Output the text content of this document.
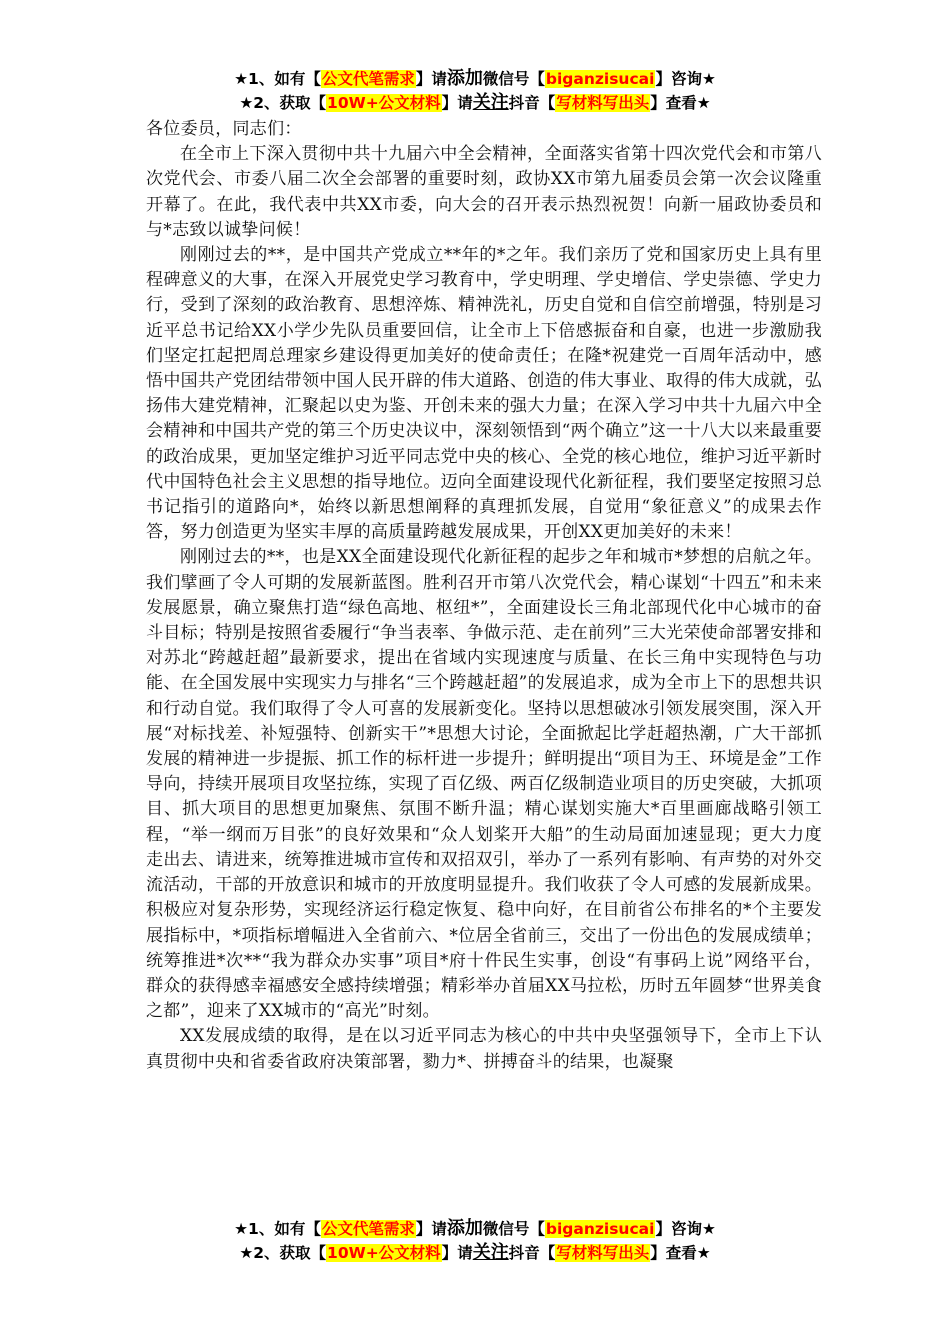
★1、如有【公文代笔需求】请添加微信号【biganzisucai】咨询★
★2、获取【10W+公文材料】请关注抖音【写材料写出头】查看★

各位委员，同志们：

在全市上下深入贯彻中共十九届六中全会精神，全面落实省第十四次党代会和市第八次党代会、市委八届二次全会部署的重要时刻，政协XX市第九届委员会第一次会议隆重开幕了。在此，我代表中共XX市委，向大会的召开表示热烈祝贺！向新一届政协委员和与*志致以诚挚问候！

刚刚过去的**，是中国共产党成立**年的*之年。我们亲历了党和国家历史上具有里程碑意义的大事，在深入开展党史学习教育中，学史明理、学史增信、学史崇德、学史力行，受到了深刻的政治教育、思想淬炼、精神洗礼，历史自觉和自信空前增强，特别是习近平总书记给XX小学少先队员重要回信，让全市上下倍感振奋和自豪，也进一步激励我们坚定扛起把周总理家乡建设得更加美好的使命责任；在隆*祝建党一百周年活动中，感悟中国共产党团结带领中国人民开辟的伟大道路、创造的伟大事业、取得的伟大成就，弘扬伟大建党精神，汇聚起以史为鉴、开创未来的强大力量；在深入学习中共十九届六中全会精神和中国共产党的第三个历史决议中，深刻领悟到“两个确立”这一十八大以来最重要的政治成果，更加坚定维护习近平同志党中央的核心、全党的核心地位，维护习近平新时代中国特色社会主义思想的指导地位。迈向全面建设现代化新征程，我们要坚定按照习总书记指引的道路向*，始终以新思想阐释的真理抓发展，自觉用“象征意义”的成果去作答，努力创造更为坚实丰厚的高质量跨越发展成果，开创XX更加美好的未来！

刚刚过去的**，也是XX全面建设现代化新征程的起步之年和城市*梦想的启航之年。我们擘画了令人可期的发展新蓝图。胜利召开市第八次党代会，精心谋划“十四五”和未来发展愿景，确立聚焦打造“绿色高地、枢纽*”，全面建设长三角北部现代化中心城市的奋斗目标；特别是按照省委履行“争当表率、争做示范、走在前列”三大光荣使命部署安排和对苏北“跨越赶超”最新要求，提出在省域内实现速度与质量、在长三角中实现特色与功能、在全国发展中实现实力与排名“三个跨越赶超”的发展追求，成为全市上下的思想共识和行动自觉。我们取得了令人可喜的发展新变化。坚持以思想破冰引领发展突围，深入开展“对标找差、补短强特、创新实干”*思想大讨论，全面掀起比学赶超热潮，广大干部抓发展的精神进一步提振、抓工作的标杆进一步提升；鲜明提出“项目为王、环境是金”工作导向，持续开展项目攻坚拉练，实现了百亿级、两百亿级制造业项目的历史突破，大抓项目、抓大项目的思想更加聚焦、氛围不断升温；精心谋划实施大*百里画廊战略引领工程，“举一纲而万目张”的良好效果和“众人划桨开大船”的生动局面加速显现；更大力度走出去、请进来，统筹推进城市宣传和双招双引，举办了一系列有影响、有声势的对外交流活动，干部的开放意识和城市的开放度明显提升。我们收获了令人可感的发展新成果。积极应对复杂形势，实现经济运行稳定恢复、稳中向好，在目前省公布排名的*个主要发展指标中，*项指标增幅进入全省前六、*位居全省前三，交出了一份出色的发展成绩单；统筹推进*次**“我为群众办实事”项目*府十件民生实事，创设“有事码上说”网络平台，群众的获得感幸福感安全感持续增强；精彩举办首届XX马拉松，历时五年圆梦“世界美食之都”，迎来了XX城市的“高光”时刻。

XX发展成绩的取得，是在以习近平同志为核心的中共中央坚强领导下，全市上下认真贯彻中央和省委省政府决策部署，勠力*、拼搏奋斗的结果，也凝聚

★1、如有【公文代笔需求】请添加微信号【biganzisucai】咨询★
★2、获取【10W+公文材料】请关注抖音【写材料写出头】查看★
